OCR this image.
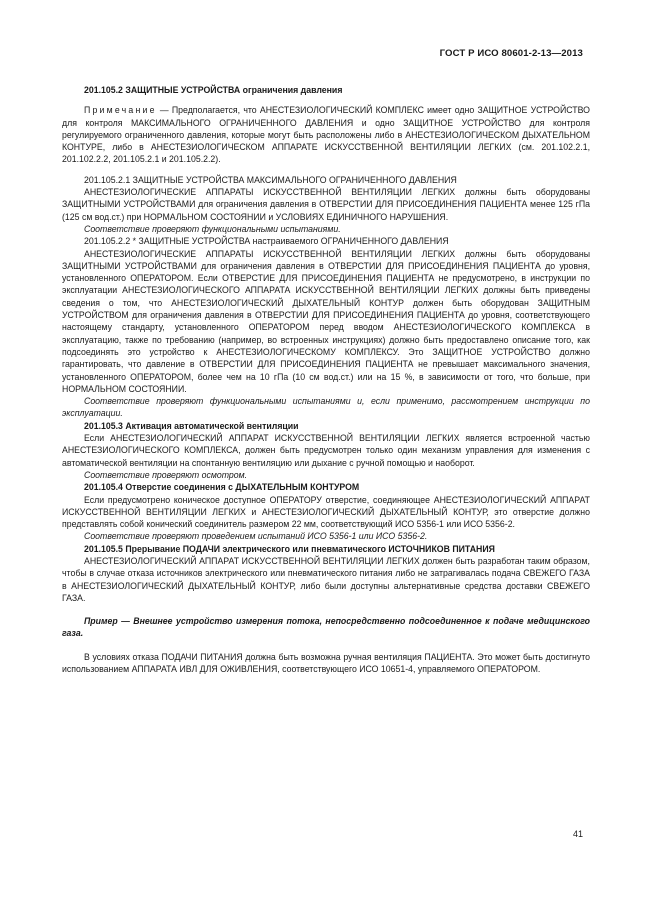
ГОСТ Р ИСО 80601-2-13—2013

201.105.2 ЗАЩИТНЫЕ УСТРОЙСТВА ограничения давления

Примечание — Предполагается, что АНЕСТЕЗИОЛОГИЧЕСКИЙ КОМПЛЕКС имеет одно ЗАЩИТНОЕ УСТРОЙСТВО для контроля МАКСИМАЛЬНОГО ОГРАНИЧЕННОГО ДАВЛЕНИЯ и одно ЗАЩИТНОЕ УСТРОЙСТВО для контроля регулируемого ограниченного давления, которые могут быть расположены либо в АНЕСТЕЗИОЛОГИЧЕСКОМ ДЫХАТЕЛЬНОМ КОНТУРЕ, либо в АНЕСТЕЗИОЛОГИЧЕСКОМ АППАРАТЕ ИСКУССТВЕННОЙ ВЕНТИЛЯЦИИ ЛЕГКИХ (см. 201.102.2.1, 201.102.2.2, 201.105.2.1 и 201.105.2.2).

201.105.2.1 ЗАЩИТНЫЕ УСТРОЙСТВА МАКСИМАЛЬНОГО ОГРАНИЧЕННОГО ДАВЛЕНИЯ

АНЕСТЕЗИОЛОГИЧЕСКИЕ АППАРАТЫ ИСКУССТВЕННОЙ ВЕНТИЛЯЦИИ ЛЕГКИХ должны быть оборудованы ЗАЩИТНЫМИ УСТРОЙСТВАМИ для ограничения давления в ОТВЕРСТИИ ДЛЯ ПРИСОЕДИНЕНИЯ ПАЦИЕНТА менее 125 гПа (125 см вод.ст.) при НОРМАЛЬНОМ СОСТОЯНИИ и УСЛОВИЯХ ЕДИНИЧНОГО НАРУШЕНИЯ.

Соответствие проверяют функциональными испытаниями.

201.105.2.2 * ЗАЩИТНЫЕ УСТРОЙСТВА настраиваемого ОГРАНИЧЕННОГО ДАВЛЕНИЯ

АНЕСТЕЗИОЛОГИЧЕСКИЕ АППАРАТЫ ИСКУССТВЕННОЙ ВЕНТИЛЯЦИИ ЛЕГКИХ должны быть оборудованы ЗАЩИТНЫМИ УСТРОЙСТВАМИ для ограничения давления в ОТВЕРСТИИ ДЛЯ ПРИСОЕДИНЕНИЯ ПАЦИЕНТА до уровня, установленного ОПЕРАТОРОМ. Если ОТВЕРСТИЕ ДЛЯ ПРИСОЕДИНЕНИЯ ПАЦИЕНТА не предусмотрено, в инструкции по эксплуатации АНЕСТЕЗИОЛОГИЧЕСКОГО АППАРАТА ИСКУССТВЕННОЙ ВЕНТИЛЯЦИИ ЛЕГКИХ должны быть приведены сведения о том, что АНЕСТЕЗИОЛОГИЧЕСКИЙ ДЫХАТЕЛЬНЫЙ КОНТУР должен быть оборудован ЗАЩИТНЫМ УСТРОЙСТВОМ для ограничения давления в ОТВЕРСТИИ ДЛЯ ПРИСОЕДИНЕНИЯ ПАЦИЕНТА до уровня, соответствующего настоящему стандарту, установленного ОПЕРАТОРОМ перед вводом АНЕСТЕЗИОЛОГИЧЕСКОГО КОМПЛЕКСА в эксплуатацию, также по требованию (например, во встроенных инструкциях) должно быть предоставлено описание того, как подсоединять это устройство к АНЕСТЕЗИОЛОГИЧЕСКОМУ КОМПЛЕКСУ. Это ЗАЩИТНОЕ УСТРОЙСТВО должно гарантировать, что давление в ОТВЕРСТИИ ДЛЯ ПРИСОЕДИНЕНИЯ ПАЦИЕНТА не превышает максимального значения, установленного ОПЕРАТОРОМ, более чем на 10 гПа (10 см вод.ст.) или на 15 %, в зависимости от того, что больше, при НОРМАЛЬНОМ СОСТОЯНИИ.

Соответствие проверяют функциональными испытаниями и, если применимо, рассмотрением инструкции по эксплуатации.

201.105.3 Активация автоматической вентиляции

Если АНЕСТЕЗИОЛОГИЧЕСКИЙ АППАРАТ ИСКУССТВЕННОЙ ВЕНТИЛЯЦИИ ЛЕГКИХ является встроенной частью АНЕСТЕЗИОЛОГИЧЕСКОГО КОМПЛЕКСА, должен быть предусмотрен только один механизм управления для изменения с автоматической вентиляции на спонтанную вентиляцию или дыхание с ручной помощью и наоборот.

Соответствие проверяют осмотром.

201.105.4 Отверстие соединения с ДЫХАТЕЛЬНЫМ КОНТУРОМ

Если предусмотрено коническое доступное ОПЕРАТОРУ отверстие, соединяющее АНЕСТЕЗИОЛОГИЧЕСКИЙ АППАРАТ ИСКУССТВЕННОЙ ВЕНТИЛЯЦИИ ЛЕГКИХ и АНЕСТЕЗИОЛОГИЧЕСКИЙ ДЫХАТЕЛЬНЫЙ КОНТУР, это отверстие должно представлять собой конический соединитель размером 22 мм, соответствующий ИСО 5356-1 или ИСО 5356-2.

Соответствие проверяют проведением испытаний ИСО 5356-1 или ИСО 5356-2.

201.105.5 Прерывание ПОДАЧИ электрического или пневматического ИСТОЧНИКОВ ПИТАНИЯ

АНЕСТЕЗИОЛОГИЧЕСКИЙ АППАРАТ ИСКУССТВЕННОЙ ВЕНТИЛЯЦИИ ЛЕГКИХ должен быть разработан таким образом, чтобы в случае отказа источников электрического или пневматического питания либо не затрагивалась подача СВЕЖЕГО ГАЗА в АНЕСТЕЗИОЛОГИЧЕСКИЙ ДЫХАТЕЛЬНЫЙ КОНТУР, либо были доступны альтернативные средства доставки СВЕЖЕГО ГАЗА.

Пример — Внешнее устройство измерения потока, непосредственно подсоединенное к подаче медицинского газа.

В условиях отказа ПОДАЧИ ПИТАНИЯ должна быть возможна ручная вентиляция ПАЦИЕНТА. Это может быть достигнуто использованием АППАРАТА ИВЛ ДЛЯ ОЖИВЛЕНИЯ, соответствующего ИСО 10651-4, управляемого ОПЕРАТОРОМ.

41
